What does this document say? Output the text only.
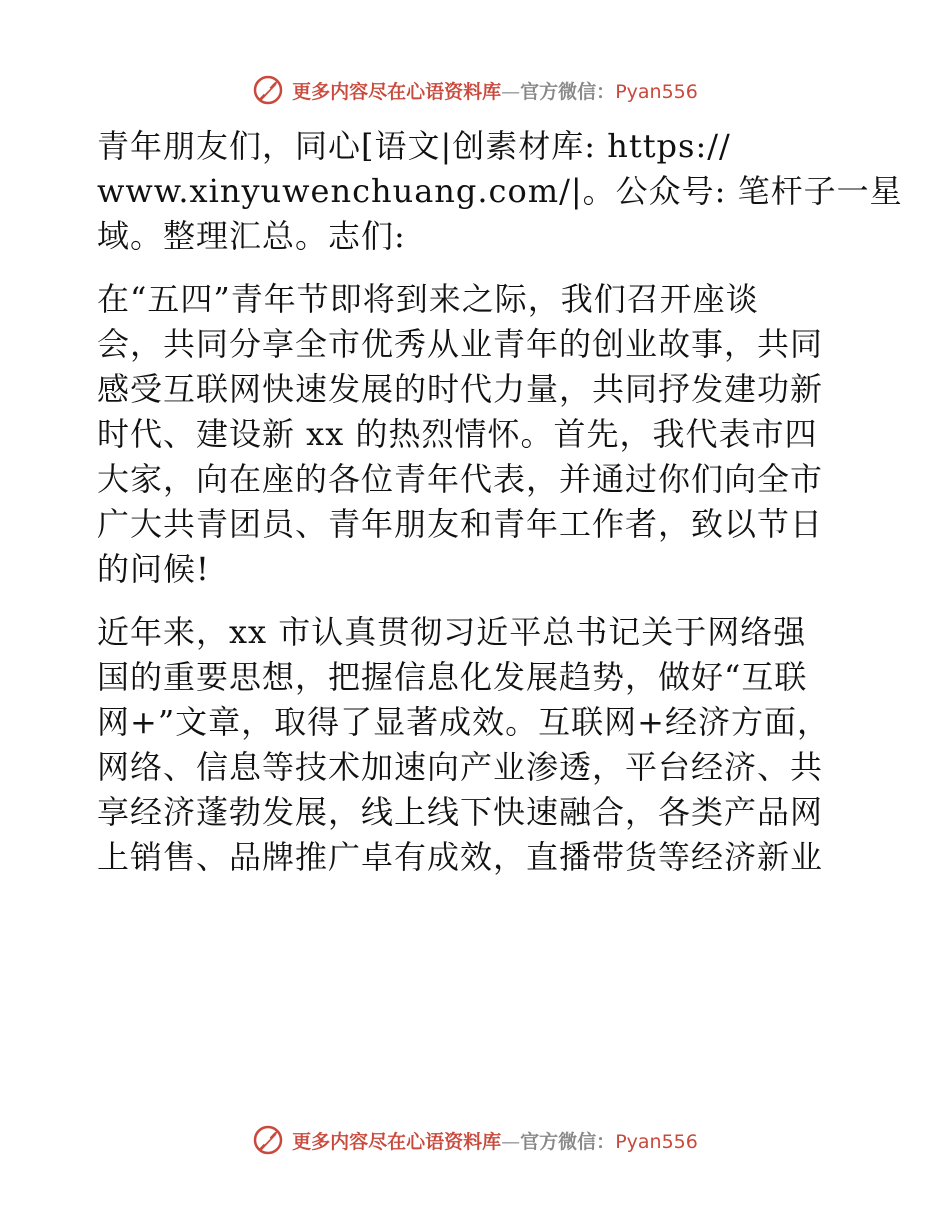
更多内容尽在心语资料库—官方微信：Pyan556
青年朋友们，同心[语文|创素材库: https://
www.xinyuwenchuang.com/|。公众号: 笔杆子一星
域。整理汇总。志们:
在“五四”青年节即将到来之际，我们召开座谈
会，共同分享全市优秀从业青年的创业故事，共同
感受互联网快速发展的时代力量，共同抒发建功新
时代、建设新 xx 的热烈情怀。首先，我代表市四
大家，向在座的各位青年代表，并通过你们向全市
广大共青团员、青年朋友和青年工作者，致以节日
的问候!
近年来，xx 市认真贯彻习近平总书记关于网络强
国的重要思想，把握信息化发展趋势，做好“互联
网+”文章，取得了显著成效。互联网+经济方面，
网络、信息等技术加速向产业渗透，平台经济、共
享经济蓬勃发展，线上线下快速融合，各类产品网
上销售、品牌推广卓有成效，直播带货等经济新业
更多内容尽在心语资料库—官方微信：Pyan556
